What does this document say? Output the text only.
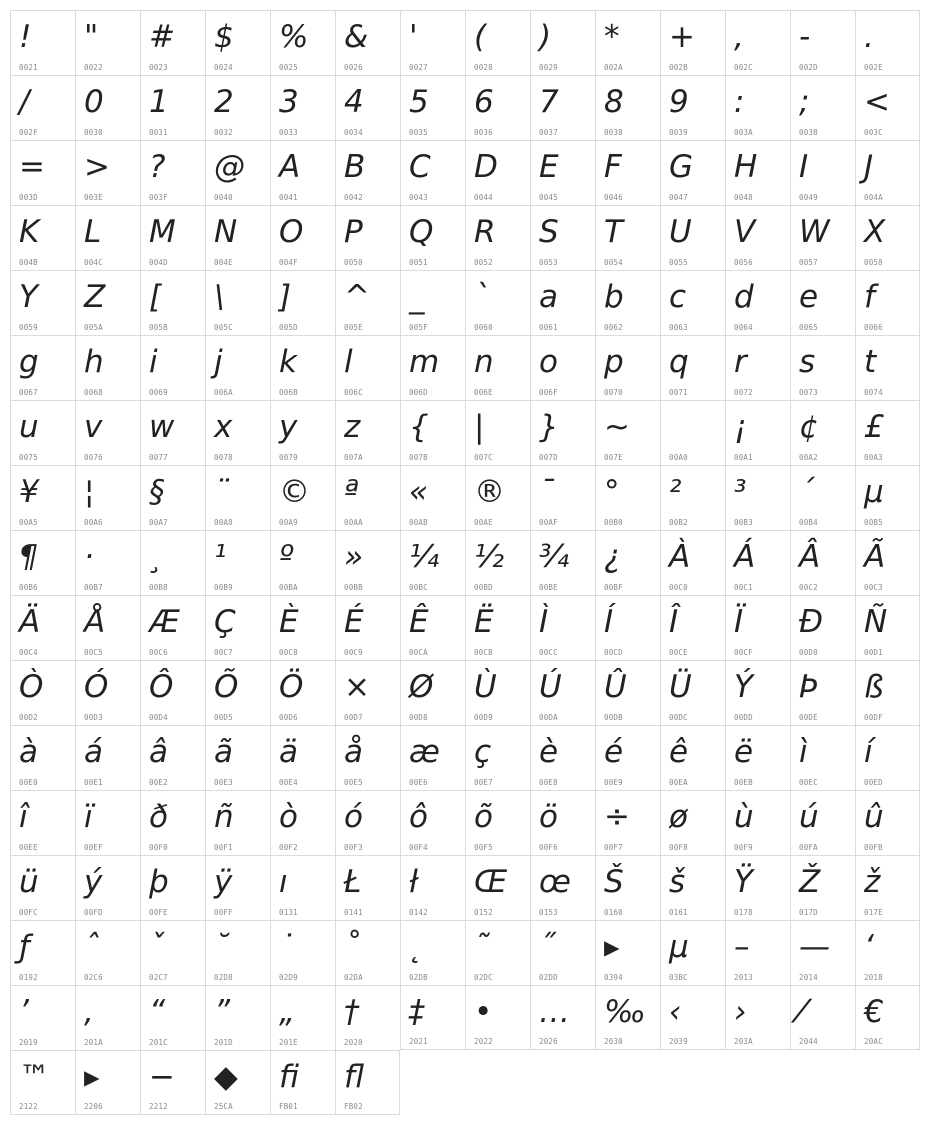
!
0021
"
0022
#
0023
$
0024
%
0025
&
0026
'
0027
(
0028
)
0029
*
002A
+
002B
,
002C
-
002D
.
002E
/
002F
0
0030
1
0031
2
0032
3
0033
4
0034
5
0035
6
0036
7
0037
8
0038
9
0039
:
003A
;
003B
<
003C
=
003D
>
003E
?
003F
@
0040
A
0041
B
0042
C
0043
D
0044
E
0045
F
0046
G
0047
H
0048
I
0049
J
004A
K
004B
L
004C
M
004D
N
004E
O
004F
P
0050
Q
0051
R
0052
S
0053
T
0054
U
0055
V
0056
W
0057
X
0058
Y
0059
Z
005A
[
005B
\
005C
]
005D
^
005E
_
005F
`
0060
a
0061
b
0062
c
0063
d
0064
e
0065
f
0066
g
0067
h
0068
i
0069
j
006A
k
006B
l
006C
m
006D
n
006E
o
006F
p
0070
q
0071
r
0072
s
0073
t
0074
u
0075
v
0076
w
0077
x
0078
y
0079
z
007A
{
007B
|
007C
}
007D
~
007E	00A0
¡
00A1
¢
00A2
£
00A3
¥
00A5
¦
00A6
§
00A7
¨
00A8
©
00A9
ª
00AA
«
00AB
®
00AE
¯
00AF
°
00B0
²
00B2
³
00B3
´
00B4
µ
00B5
¶
00B6
·
00B7
¸
00B8
¹
00B9
º
00BA
»
00BB
¼
00BC
½
00BD
¾
00BE
¿
00BF
À
00C0
Á
00C1
Â
00C2
Ã
00C3
Ä
00C4
Å
00C5
Æ
00C6
Ç
00C7
È
00C8
É
00C9
Ê
00CA
Ë
00CB
Ì
00CC
Í
00CD
Î
00CE
Ï
00CF
Ð
00D0
Ñ
00D1
Ò
00D2
Ó
00D3
Ô
00D4
Õ
00D5
Ö
00D6
×
00D7
Ø
00D8
Ù
00D9
Ú
00DA
Û
00DB
Ü
00DC
Ý
00DD
Þ
00DE
ß
00DF
à
00E0
á
00E1
â
00E2
ã
00E3
ä
00E4
å
00E5
æ
00E6
ç
00E7
è
00E8
é
00E9
ê
00EA
ë
00EB
ì
00EC
í
00ED
î
00EE
ï
00EF
ð
00F0
ñ
00F1
ò
00F2
ó
00F3
ô
00F4
õ
00F5
ö
00F6
÷
00F7
ø
00F8
ù
00F9
ú
00FA
û
00FB
ü
00FC
ý
00FD
þ
00FE
ÿ
00FF
ı
0131
Ł
0141
ł
0142
Œ
0152
œ
0153
Š
0160
š
0161
Ÿ
0178
Ž
017D
ž
017E
ƒ
0192
ˆ
02C6
ˇ
02C7
˘
02D8
˙
02D9
˚
02DA
˛
02DB
˜
02DC
˝
02DD
▸
0394
μ
03BC
–
2013
—
2014
‘
2018
’
2019
‚
201A
“
201C
”
201D
„
201E
†
2020
‡
2021
•
2022
…
2026
‰
2030
‹
2039
›
203A
⁄
2044
€
20AC
™
2122
▸
2206
−
2212
◆
25CA
ﬁ
FB01
ﬂ
FB02
